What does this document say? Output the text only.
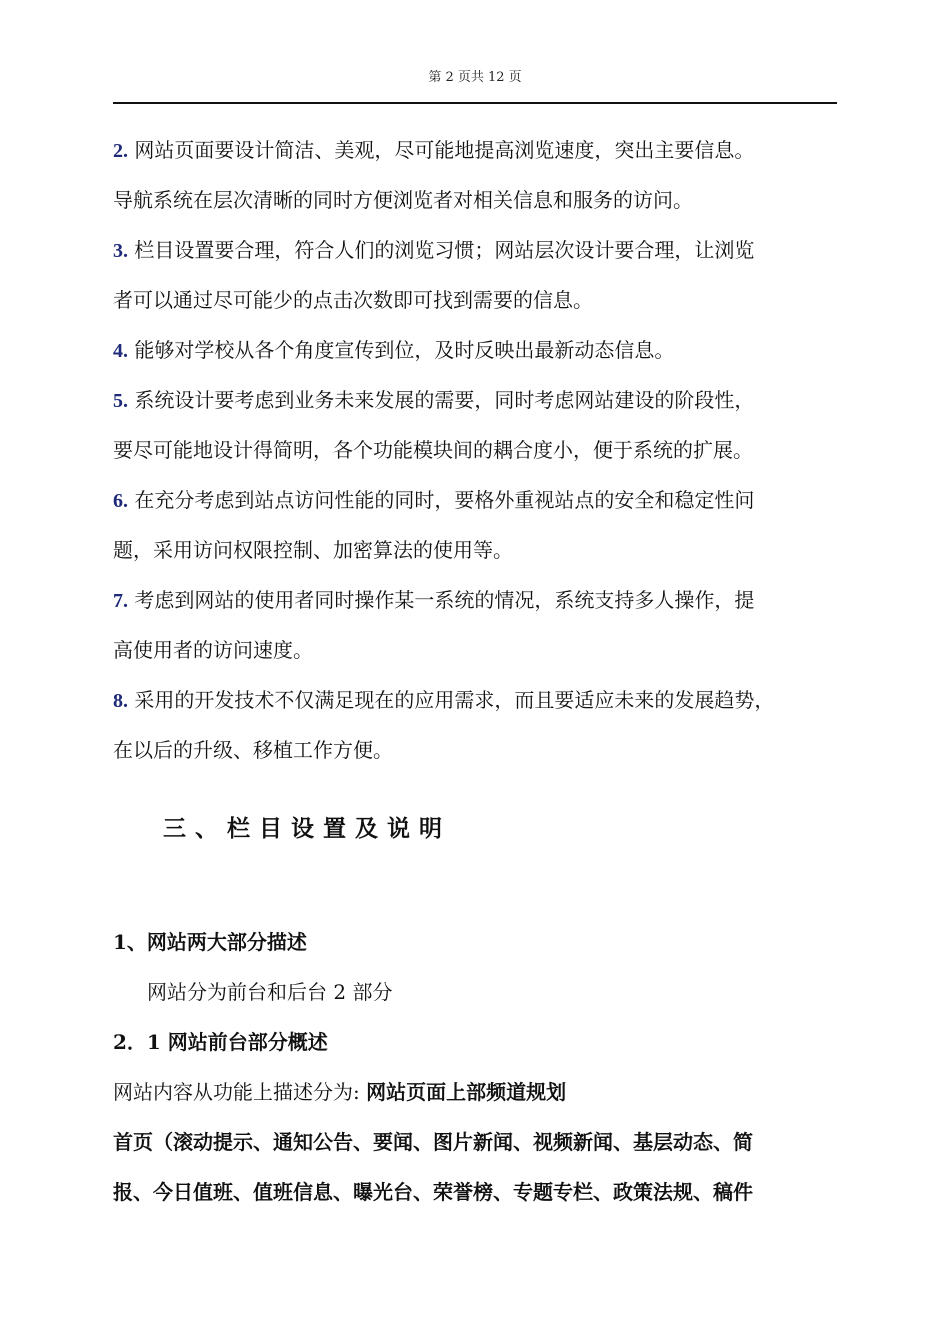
第 2 页共 12 页
2. 网站页面要设计简洁、美观，尽可能地提高浏览速度，突出主要信息。
导航系统在层次清晰的同时方便浏览者对相关信息和服务的访问。
3. 栏目设置要合理，符合人们的浏览习惯；网站层次设计要合理，让浏览
者可以通过尽可能少的点击次数即可找到需要的信息。
4. 能够对学校从各个角度宣传到位，及时反映出最新动态信息。
5. 系统设计要考虑到业务未来发展的需要，同时考虑网站建设的阶段性，
要尽可能地设计得简明，各个功能模块间的耦合度小，便于系统的扩展。
6. 在充分考虑到站点访问性能的同时，要格外重视站点的安全和稳定性问
题，采用访问权限控制、加密算法的使用等。
7. 考虑到网站的使用者同时操作某一系统的情况，系统支持多人操作，提
高使用者的访问速度。
8. 采用的开发技术不仅满足现在的应用需求，而且要适应未来的发展趋势，
在以后的升级、移植工作方便。
三、栏目设置及说明
1、网站两大部分描述
网站分为前台和后台 2 部分
2．1 网站前台部分概述
网站内容从功能上描述分为: 网站页面上部频道规划
首页（滚动提示、通知公告、要闻、图片新闻、视频新闻、基层动态、简
报、今日值班、值班信息、曝光台、荣誉榜、专题专栏、政策法规、稿件
